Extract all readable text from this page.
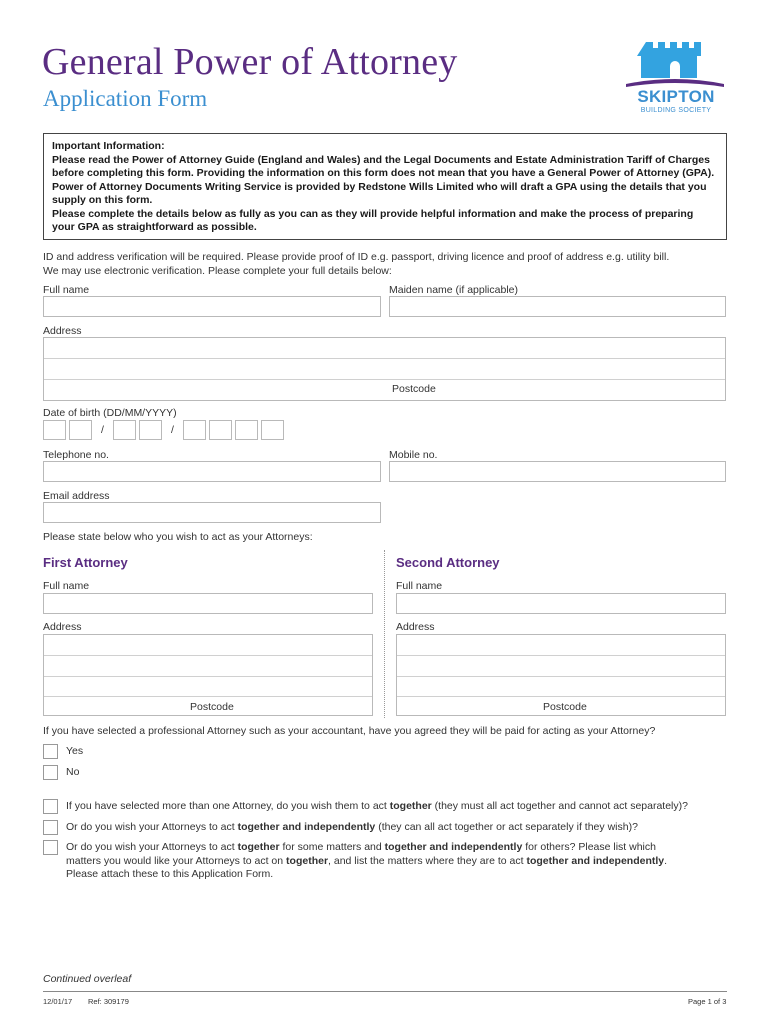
General Power of Attorney
Application Form	SKIPTON
BUILDING SOCIETY
Important Information:
Please read the Power of Attorney Guide (England and Wales) and the Legal Documents and Estate Administration Tariff of Charges before completing this form. Providing the information on this form does not mean that you have a General Power of Attorney (GPA). Power of Attorney Documents Writing Service is provided by Redstone Wills Limited who will draft a GPA using the details that you supply on this form.
Please complete the details below as fully as you can as they will provide helpful information and make the process of preparing your GPA as straightforward as possible.
ID and address verification will be required. Please provide proof of ID e.g. passport, driving licence and proof of address e.g. utility bill.
We may use electronic verification. Please complete your full details below:
Full name	Maiden name (if applicable)
Address
Postcode
Date of birth (DD/MM/YYYY)
/	/
Telephone no.	Mobile no.
Email address
Please state below who you wish to act as your Attorneys:
First Attorney
Full name
Address
Postcode
Second Attorney
Full name
Address
Postcode
If you have selected a professional Attorney such as your accountant, have you agreed they will be paid for acting as your Attorney?
Yes
No
If you have selected more than one Attorney, do you wish them to act together (they must all act together and cannot act separately)?
Or do you wish your Attorneys to act together and independently (they can all act together or act separately if they wish)?
Or do you wish your Attorneys to act together for some matters and together and independently for others? Please list which
matters you would like your Attorneys to act on together, and list the matters where they are to act together and independently.
Please attach these to this Application Form.
Continued overleaf
12/01/17 Ref: 309179	Page 1 of 3
